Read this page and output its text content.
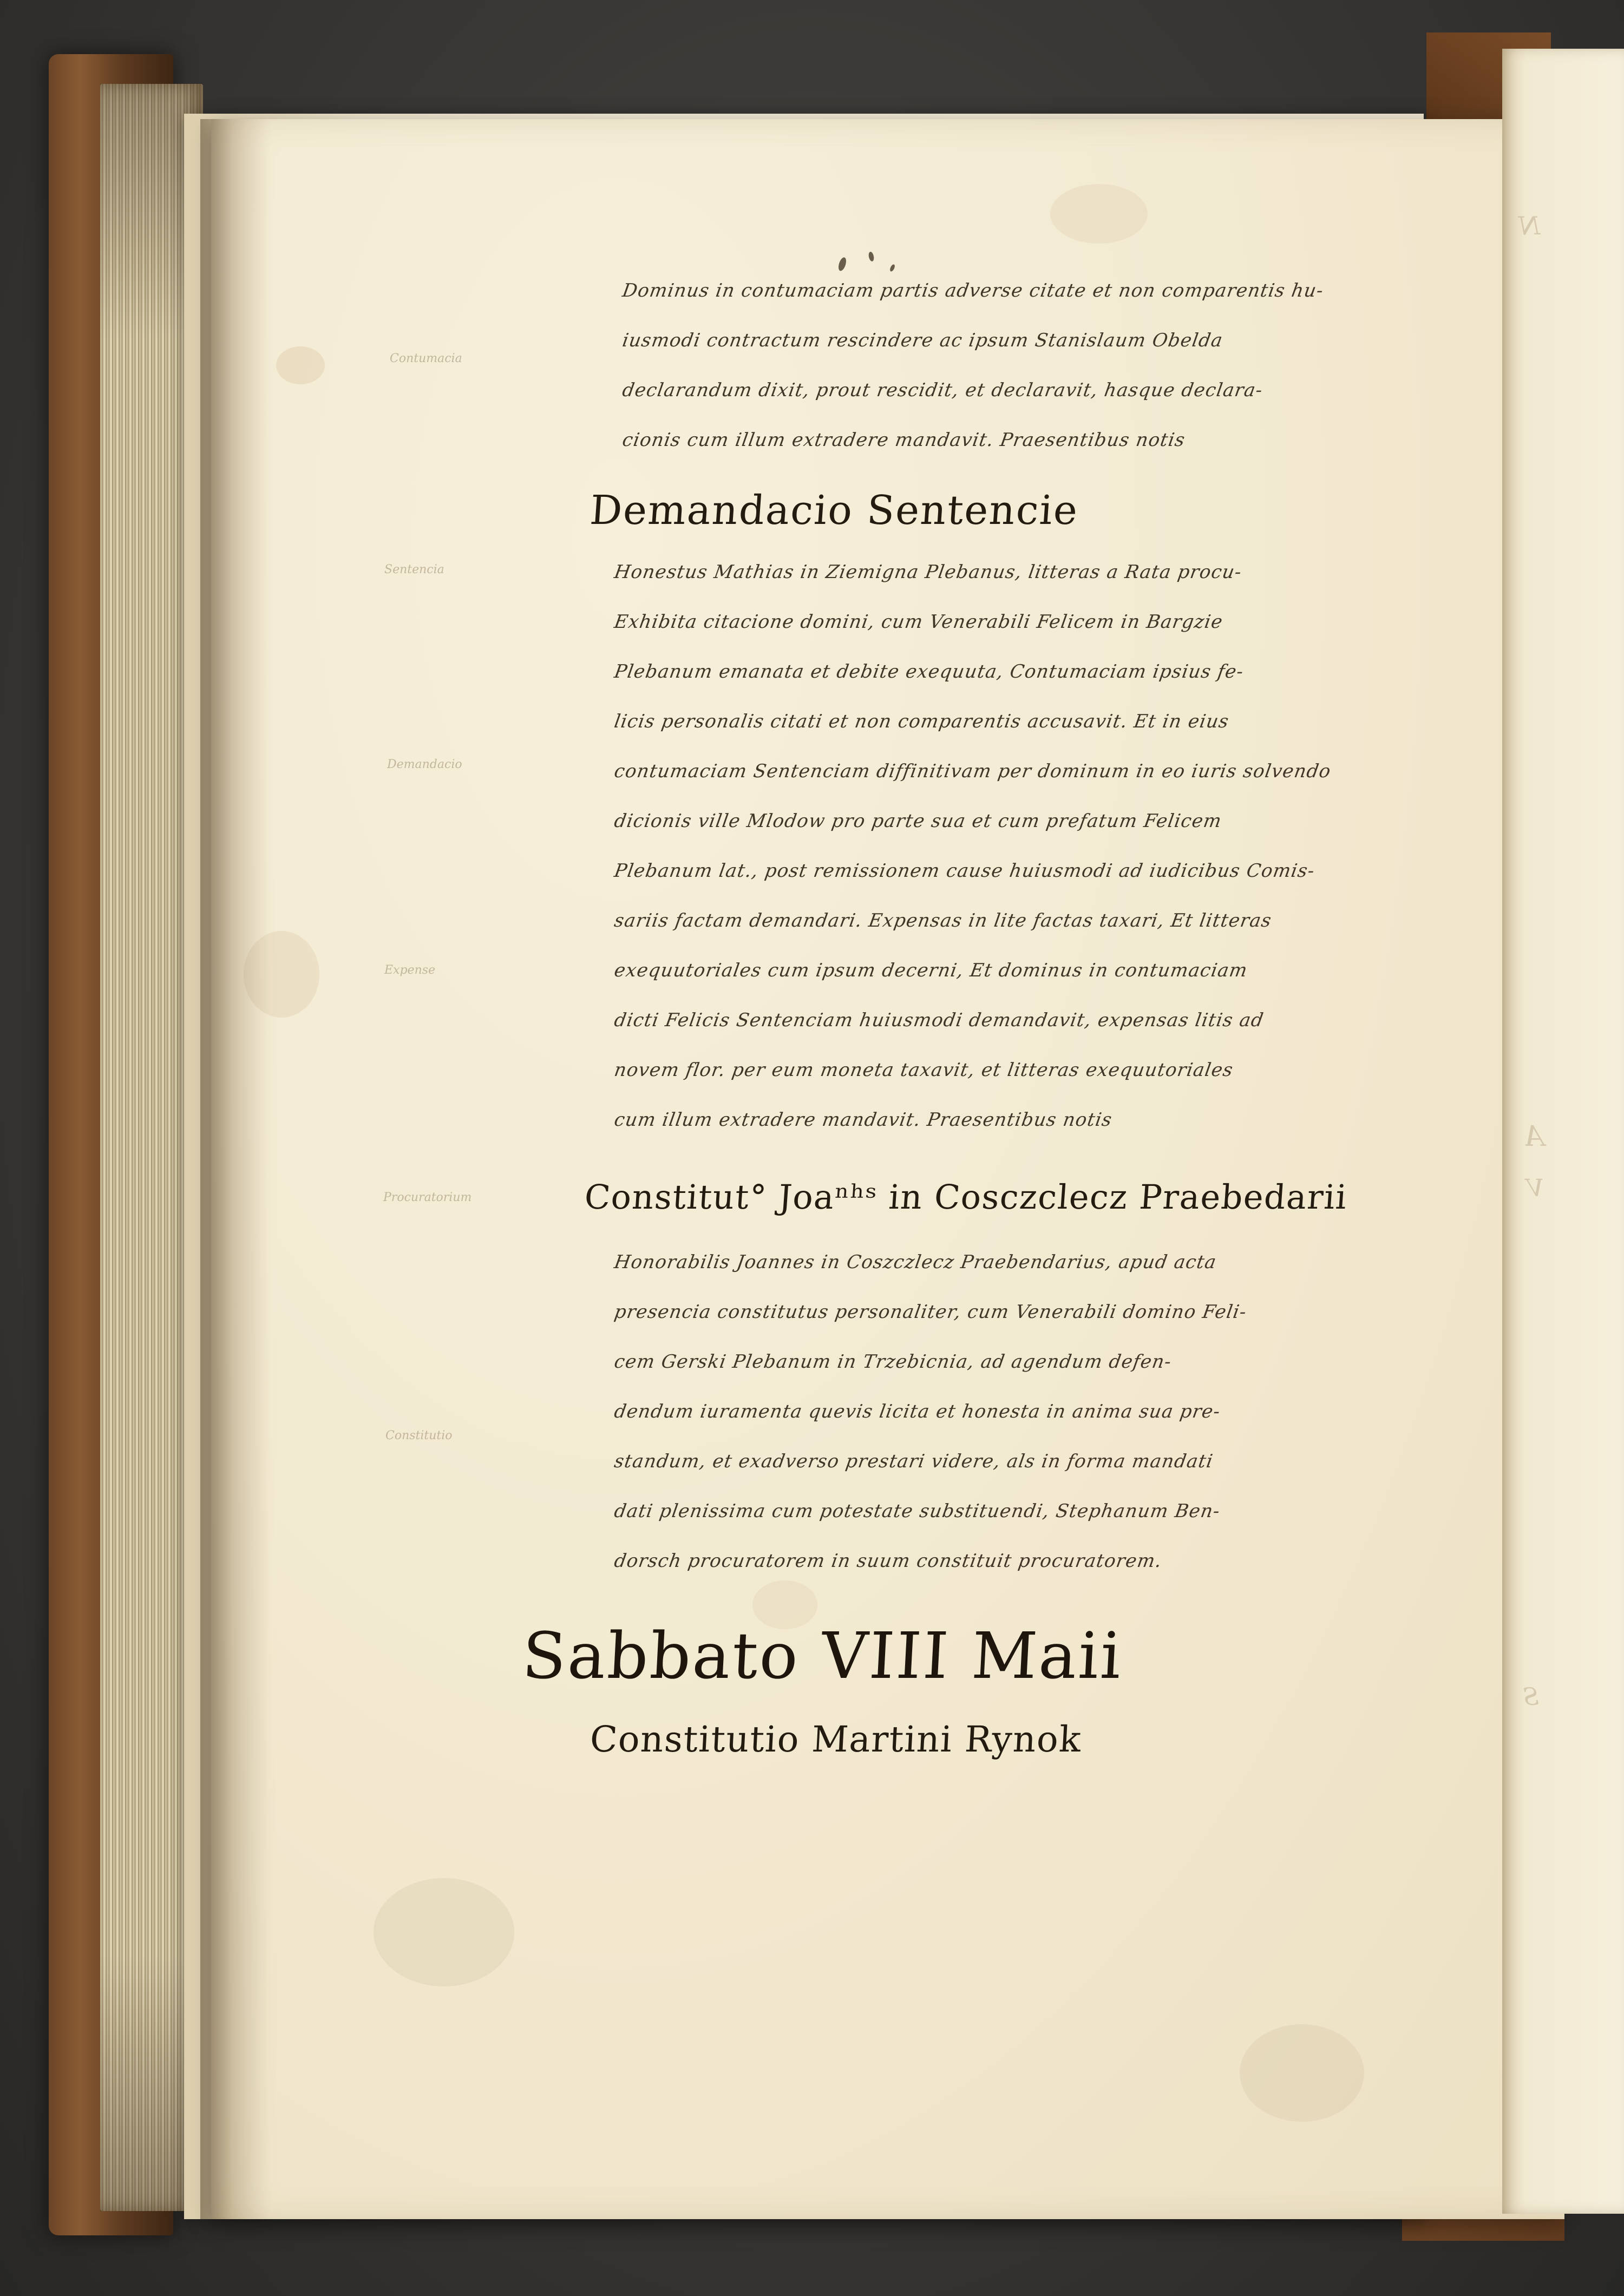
Dominus in contumaciam partis adverse citate et non comparentis hu-
iusmodi contractum rescindere ac ipsum Stanislaum Obelda
declarandum dixit, prout rescidit, et declaravit, hasque declara-
cionis cum illum extradere mandavit. Praesentibus notis
Demandacio Sentencie
Honestus Mathias in Ziemigna Plebanus, litteras a Rata procu-
Exhibita citacione domini, cum Venerabili Felicem in Bargzie
Plebanum emanata et debite exequuta, Contumaciam ipsius fe-
licis personalis citati et non comparentis accusavit. Et in eius
contumaciam Sentenciam diffinitivam per dominum in eo iuris solvendo
dicionis ville Mlodow pro parte sua et cum prefatum Felicem
Plebanum lat., post remissionem cause huiusmodi ad iudicibus Comis-
sariis factam demandari. Expensas in lite factas taxari, Et litteras
exequutoriales cum ipsum decerni, Et dominus in contumaciam
dicti Felicis Sentenciam huiusmodi demandavit, expensas litis ad
novem flor. per eum moneta taxavit, et litteras exequutoriales
cum illum extradere mandavit. Praesentibus notis
Constitut° Joaⁿʰˢ in Cosczclecz Praebedarii
Honorabilis Joannes in Coszczlecz Praebendarius, apud acta
presencia constitutus personaliter, cum Venerabili domino Feli-
cem Gerski Plebanum in Trzebicnia, ad agendum defen-
dendum iuramenta quevis licita et honesta in anima sua pre-
standum, et exadverso prestari videre, als in forma mandati
dati plenissima cum potestate substituendi, Stephanum Ben-
dorsch procuratorem in suum constituit procuratorem.
Sabbato VIII Maii
Constitutio Martini Rynok
Contumacia
Sentencia
Demandacio
Expense
Procuratorium
Constitutio
N
A
V
S
